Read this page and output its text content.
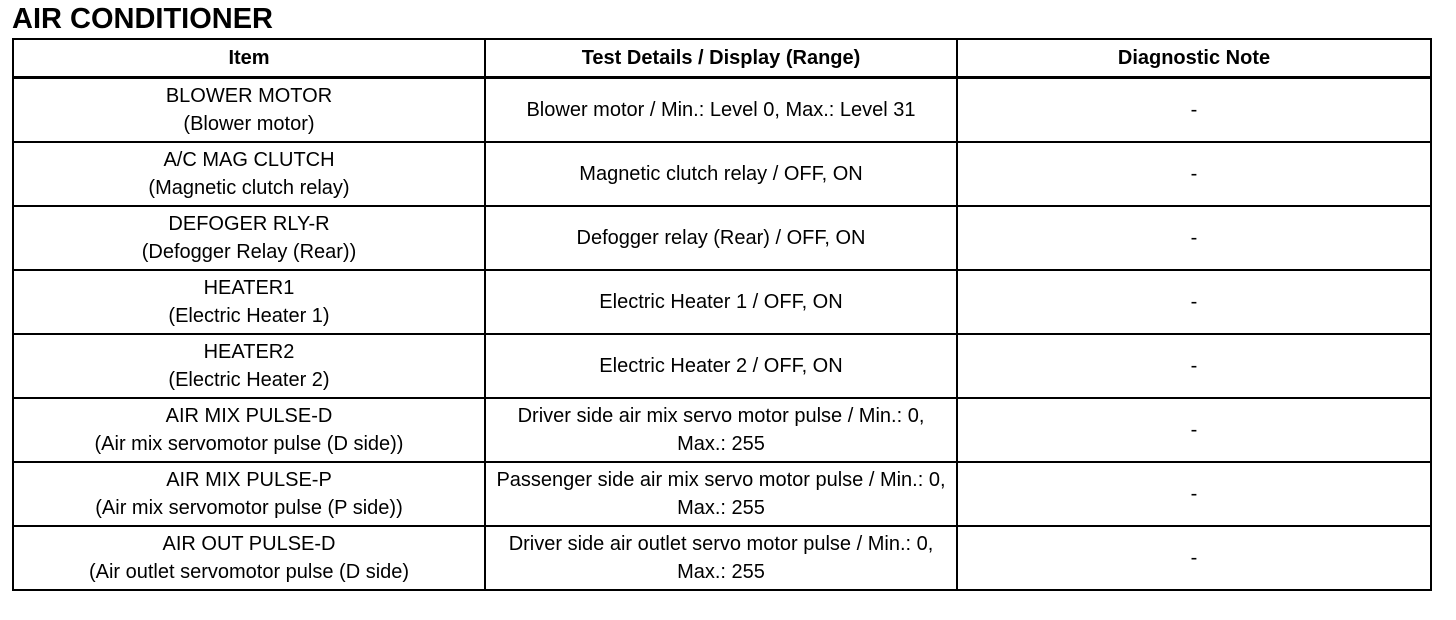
AIR CONDITIONER
Item	Test Details / Display (Range)	Diagnostic Note

BLOWER MOTOR
(Blower motor)	Blower motor / Min.: Level 0, Max.: Level 31	-

A/C MAG CLUTCH
(Magnetic clutch relay)	Magnetic clutch relay / OFF, ON	-

DEFOGER RLY-R
(Defogger Relay (Rear))	Defogger relay (Rear) / OFF, ON	-

HEATER1
(Electric Heater 1)	Electric Heater 1 / OFF, ON	-

HEATER2
(Electric Heater 2)	Electric Heater 2 / OFF, ON	-

AIR MIX PULSE-D
(Air mix servomotor pulse (D side))	Driver side air mix servo motor pulse / Min.: 0, Max.: 255	-

AIR MIX PULSE-P
(Air mix servomotor pulse (P side))	Passenger side air mix servo motor pulse / Min.: 0, Max.: 255	-

AIR OUT PULSE-D
(Air outlet servomotor pulse (D side)	Driver side air outlet servo motor pulse / Min.: 0, Max.: 255	-
